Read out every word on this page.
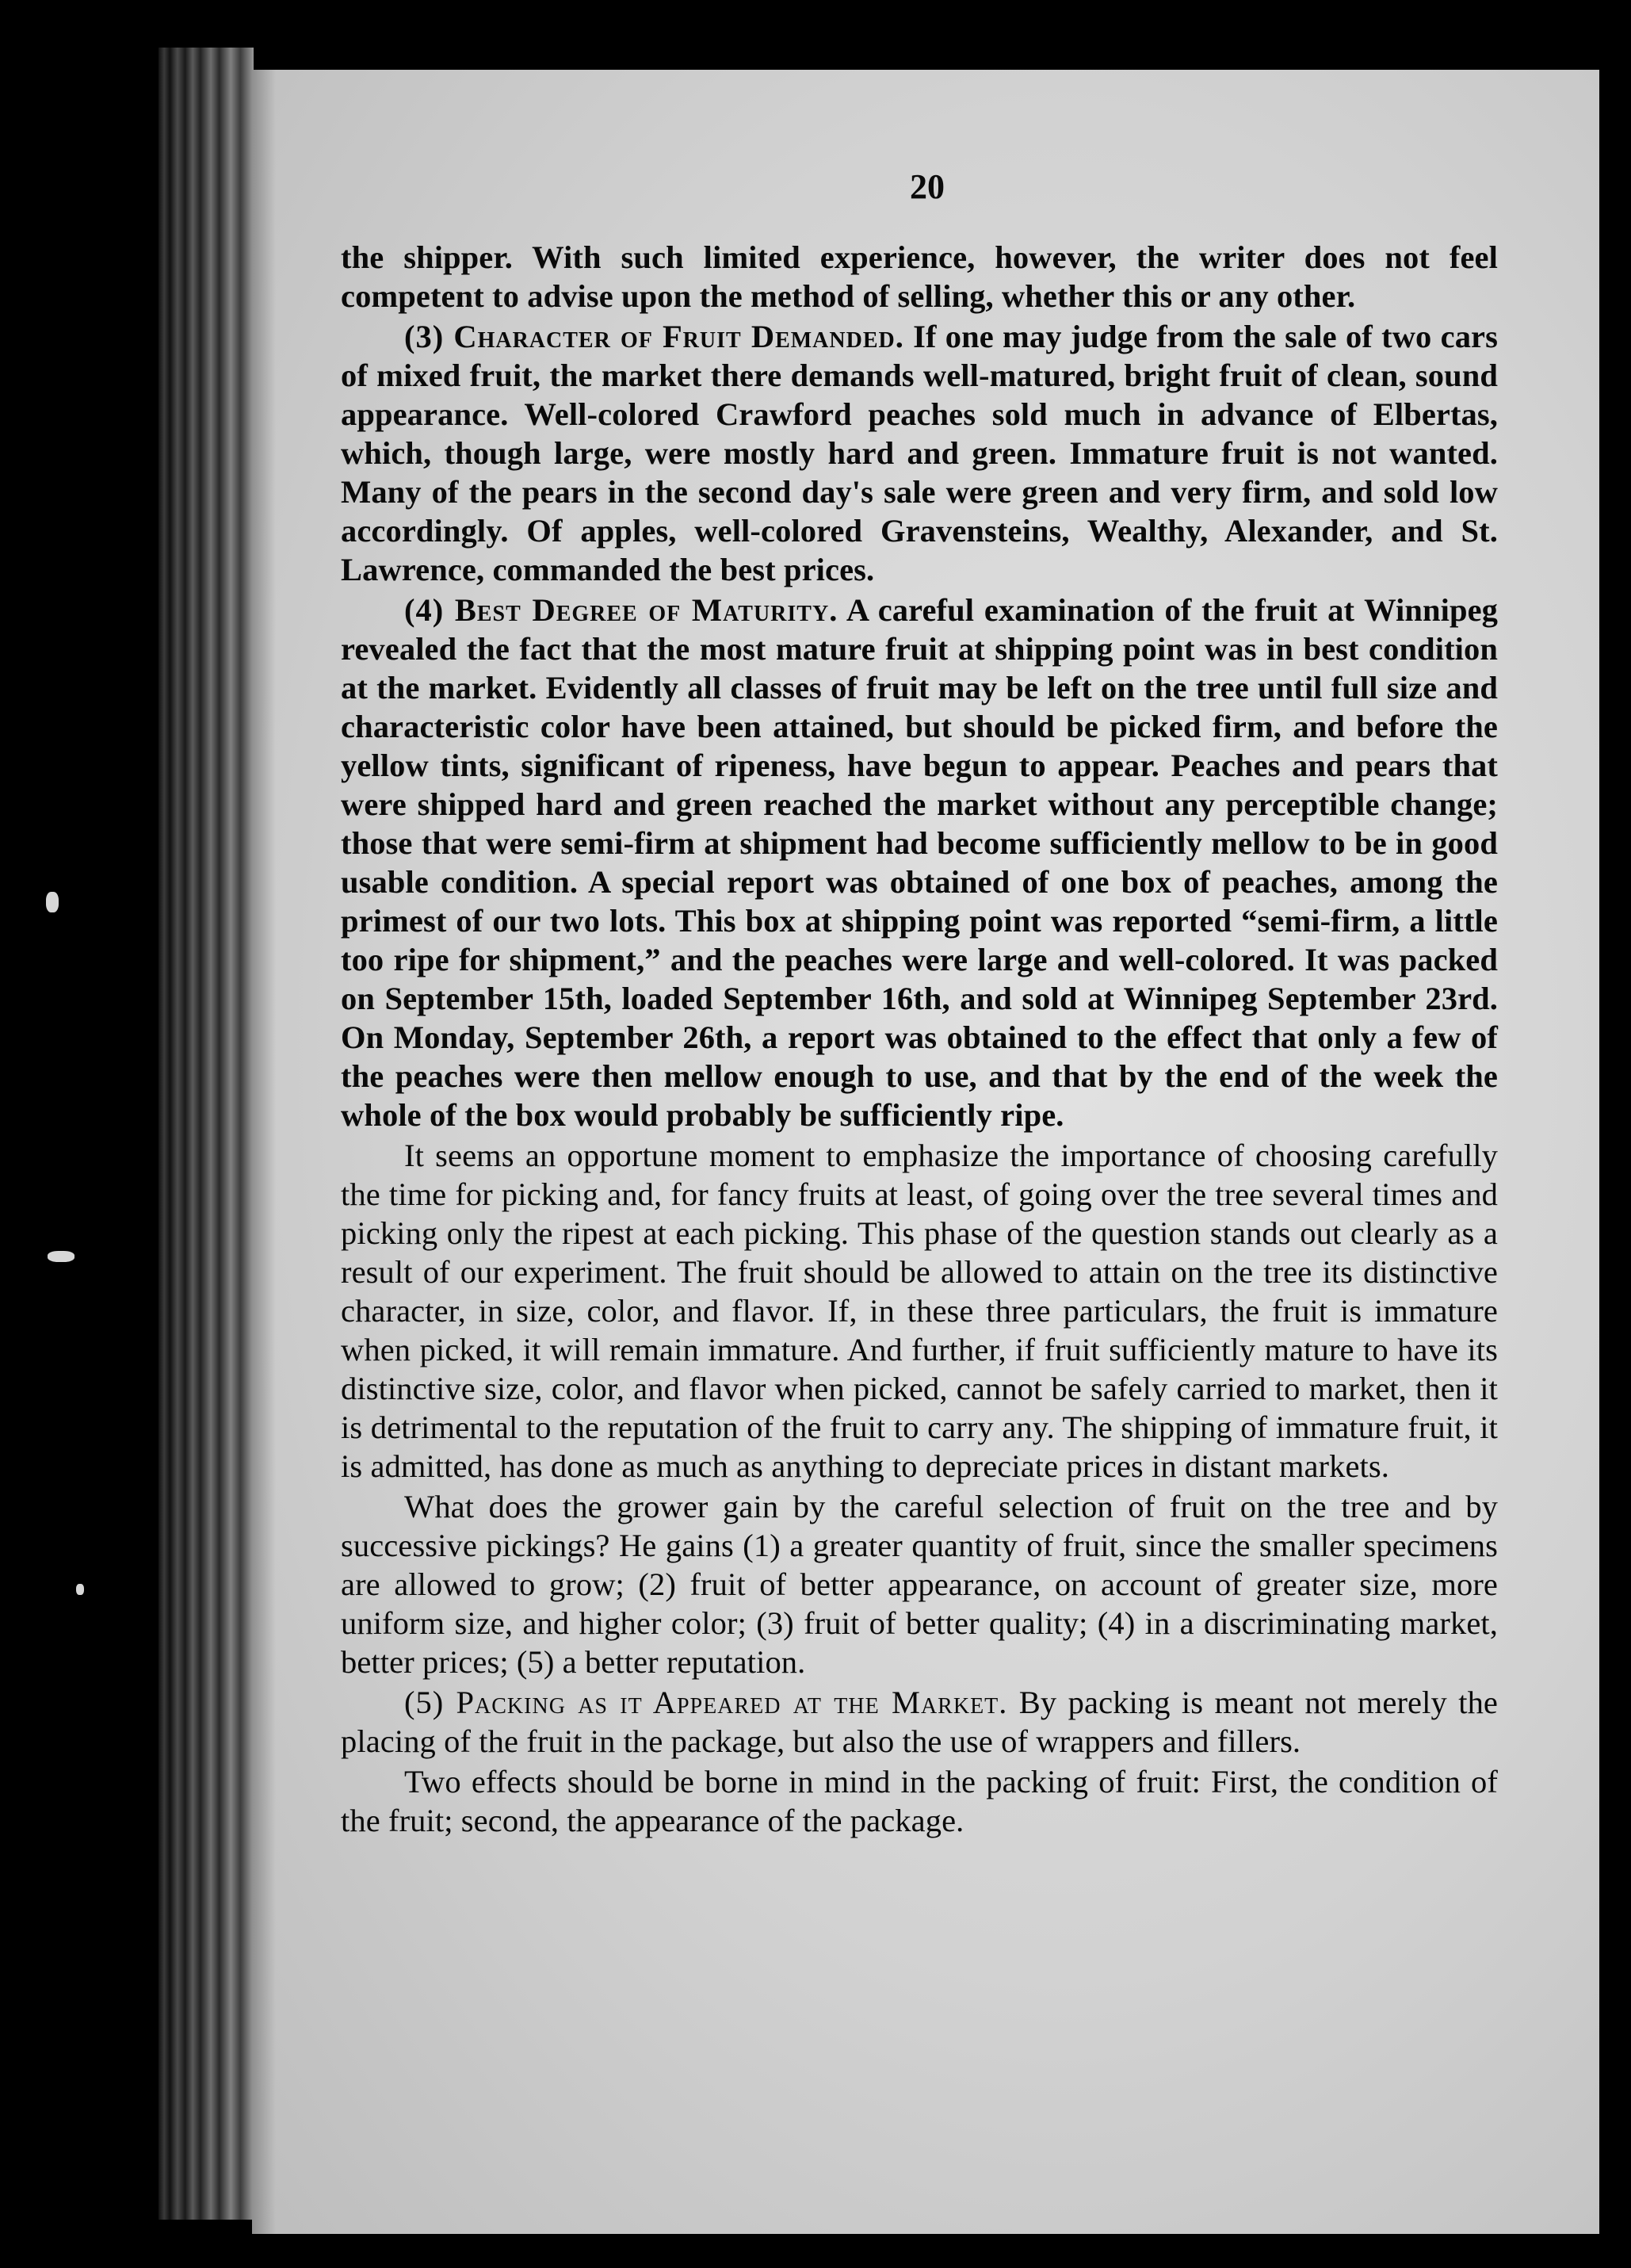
20

the shipper. With such limited experience, however, the writer does not feel competent to advise upon the method of selling, whether this or any other.

(3) Character of Fruit Demanded. If one may judge from the sale of two cars of mixed fruit, the market there demands well-matured, bright fruit of clean, sound appearance. Well-colored Crawford peaches sold much in advance of Elbertas, which, though large, were mostly hard and green. Immature fruit is not wanted. Many of the pears in the second day's sale were green and very firm, and sold low accordingly. Of apples, well-colored Gravensteins, Wealthy, Alexander, and St. Lawrence, commanded the best prices.

(4) Best Degree of Maturity. A careful examination of the fruit at Winnipeg revealed the fact that the most mature fruit at shipping point was in best condition at the market. Evidently all classes of fruit may be left on the tree until full size and characteristic color have been attained, but should be picked firm, and before the yellow tints, significant of ripeness, have begun to appear. Peaches and pears that were shipped hard and green reached the market without any perceptible change; those that were semi-firm at shipment had become sufficiently mellow to be in good usable condition. A special report was obtained of one box of peaches, among the primest of our two lots. This box at shipping point was reported “semi-firm, a little too ripe for shipment,” and the peaches were large and well-colored. It was packed on September 15th, loaded September 16th, and sold at Winnipeg September 23rd. On Monday, September 26th, a report was obtained to the effect that only a few of the peaches were then mellow enough to use, and that by the end of the week the whole of the box would probably be sufficiently ripe.

It seems an opportune moment to emphasize the importance of choosing carefully the time for picking and, for fancy fruits at least, of going over the tree several times and picking only the ripest at each picking. This phase of the question stands out clearly as a result of our experiment. The fruit should be allowed to attain on the tree its distinctive character, in size, color, and flavor. If, in these three particulars, the fruit is immature when picked, it will remain immature. And further, if fruit sufficiently mature to have its distinctive size, color, and flavor when picked, cannot be safely carried to market, then it is detrimental to the reputation of the fruit to carry any. The shipping of immature fruit, it is admitted, has done as much as anything to depreciate prices in distant markets.

What does the grower gain by the careful selection of fruit on the tree and by successive pickings? He gains (1) a greater quantity of fruit, since the smaller specimens are allowed to grow; (2) fruit of better appearance, on account of greater size, more uniform size, and higher color; (3) fruit of better quality; (4) in a discriminating market, better prices; (5) a better reputation.

(5) Packing as it Appeared at the Market. By packing is meant not merely the placing of the fruit in the package, but also the use of wrappers and fillers.

Two effects should be borne in mind in the packing of fruit: First, the condition of the fruit; second, the appearance of the package.
